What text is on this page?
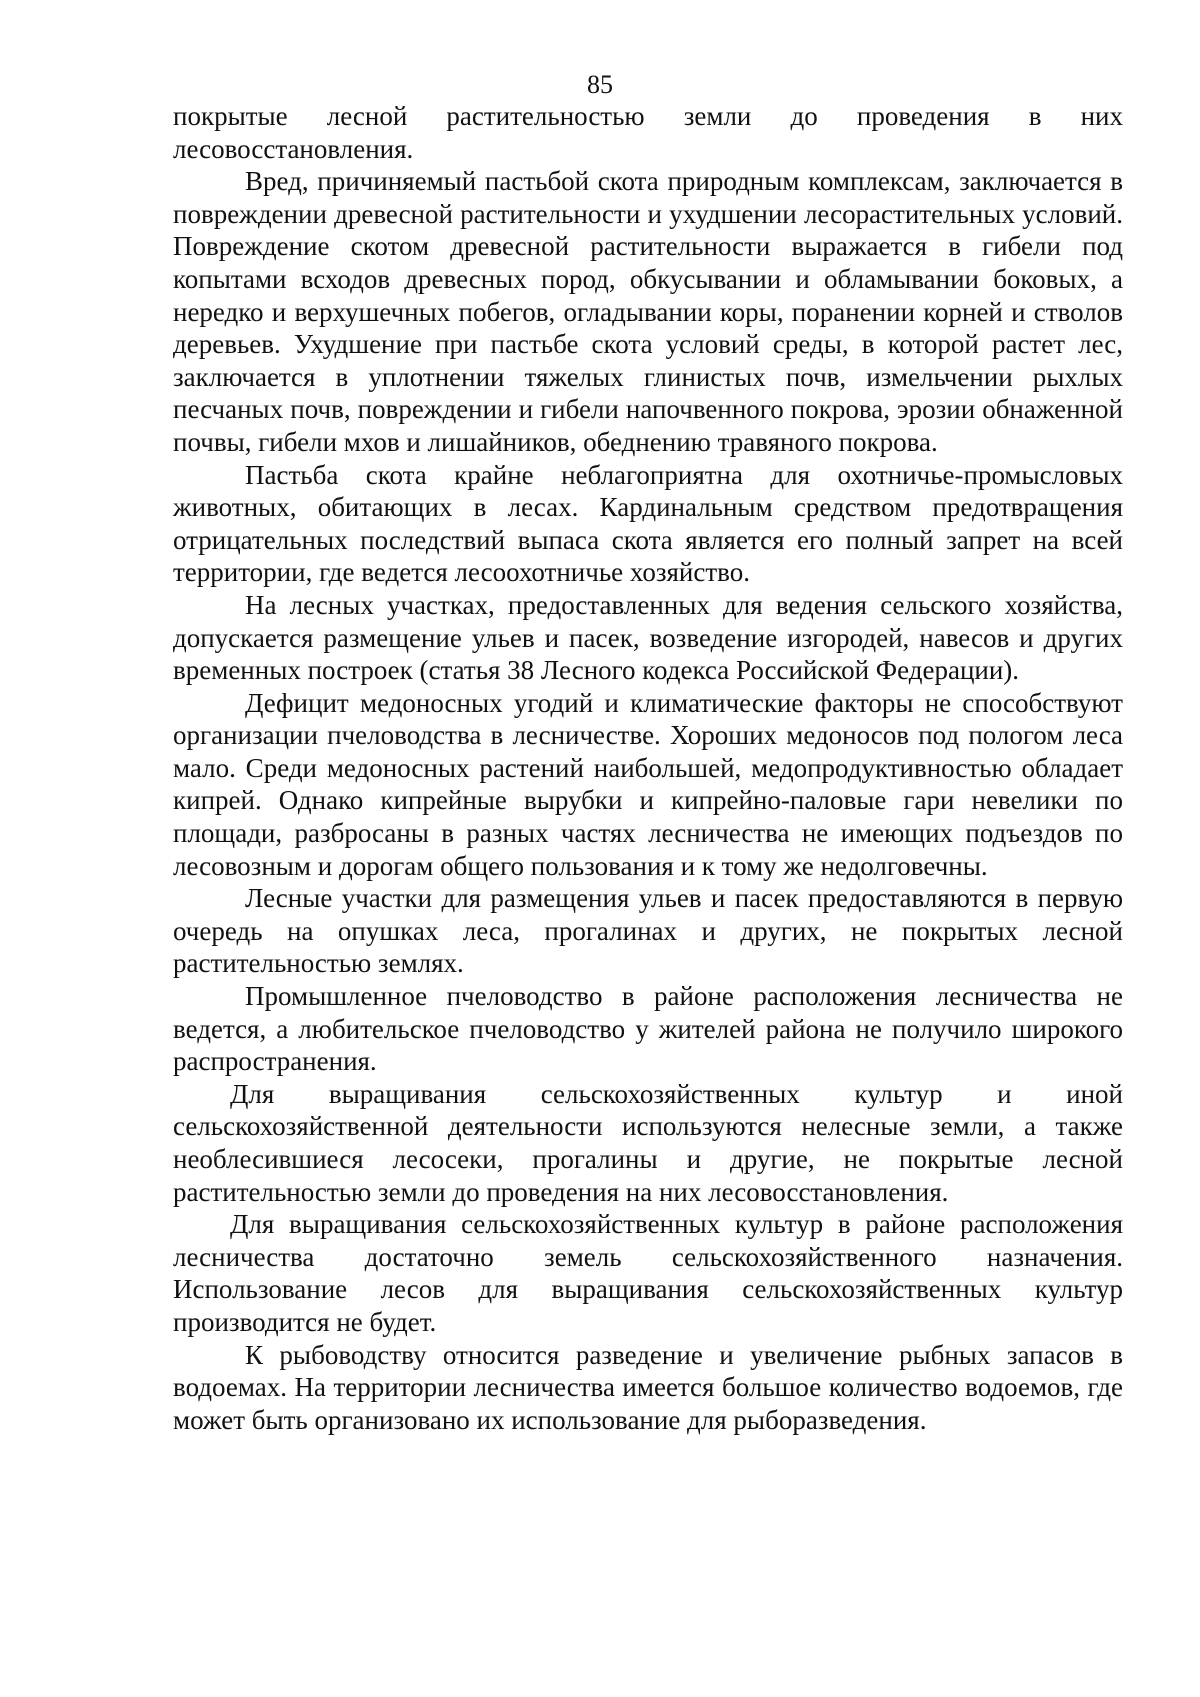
85

покрытые лесной растительностью земли до проведения в них лесовосстановления.

Вред, причиняемый пастьбой скота природным комплексам, заключается в повреждении древесной растительности и ухудшении лесорастительных условий. Повреждение скотом древесной растительности выражается в гибели под копытами всходов древесных пород, обкусывании и обламывании боковых, а нередко и верхушечных побегов, огладывании коры, поранении корней и стволов деревьев. Ухудшение при пастьбе скота условий среды, в которой растет лес, заключается в уплотнении тяжелых глинистых почв, измельчении рыхлых песчаных почв, повреждении и гибели напочвенного покрова, эрозии обнаженной почвы, гибели мхов и лишайников, обеднению травяного покрова.

Пастьба скота крайне неблагоприятна для охотничье-промысловых животных, обитающих в лесах. Кардинальным средством предотвращения отрицательных последствий выпаса скота является его полный запрет на всей территории, где ведется лесоохотничье хозяйство.

На лесных участках, предоставленных для ведения сельского хозяйства, допускается размещение ульев и пасек, возведение изгородей, навесов и других временных построек (статья 38 Лесного кодекса Российской Федерации).

Дефицит медоносных угодий и климатические факторы не способствуют организации пчеловодства в лесничестве. Хороших медоносов под пологом леса мало. Среди медоносных растений наибольшей, медопродуктивностью обладает кипрей. Однако кипрейные вырубки и кипрейно-паловые гари невелики по площади, разбросаны в разных частях лесничества не имеющих подъездов по лесовозным и дорогам общего пользования и к тому же недолговечны.

Лесные участки для размещения ульев и пасек предоставляются в первую очередь на опушках леса, прогалинах и других, не покрытых лесной растительностью землях.

Промышленное пчеловодство в районе расположения лесничества не ведется, а любительское пчеловодство у жителей района не получило широкого распространения.

Для выращивания сельскохозяйственных культур и иной сельскохозяйственной деятельности используются нелесные земли, а также необлесившиеся лесосеки, прогалины и другие, не покрытые лесной растительностью земли до проведения на них лесовосстановления.

Для выращивания сельскохозяйственных культур в районе расположения лесничества достаточно земель сельскохозяйственного назначения. Использование лесов для выращивания сельскохозяйственных культур производится не будет.

К рыбоводству относится разведение и увеличение рыбных запасов в водоемах. На территории лесничества имеется большое количество водоемов, где может быть организовано их использование для рыборазведения.
